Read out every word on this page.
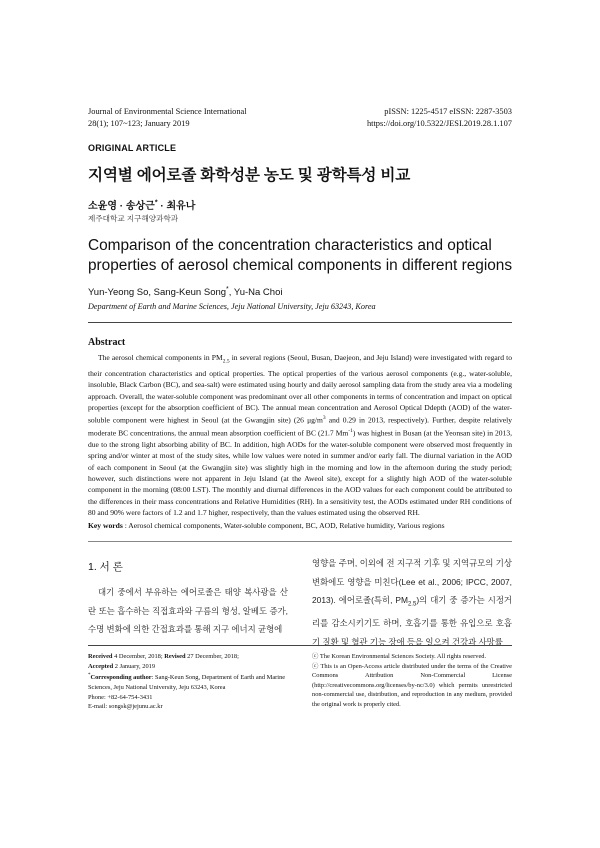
Journal of Environmental Science International
28(1); 107~123; January 2019
pISSN: 1225-4517 eISSN: 2287-3503
https://doi.org/10.5322/JESI.2019.28.1.107
ORIGINAL ARTICLE
지역별 에어로졸 화학성분 농도 및 광학특성 비교
소윤영 · 송상근* · 최유나
제주대학교 지구해양과학과
Comparison of the concentration characteristics and optical properties of aerosol chemical components in different regions
Yun-Yeong So, Sang-Keun Song*, Yu-Na Choi
Department of Earth and Marine Sciences, Jeju National University, Jeju 63243, Korea
Abstract
The aerosol chemical components in $PM_{2.5}$ in several regions (Seoul, Busan, Daejeon, and Jeju Island) were investigated with regard to their concentration characteristics and optical properties. The optical properties of the various aerosol components (e.g., water-soluble, insoluble, Black Carbon (BC), and sea-salt) were estimated using hourly and daily aerosol sampling data from the study area via a modeling approach. Overall, the water-soluble component was predominant over all other components in terms of concentration and impact on optical properties (except for the absorption coefficient of BC). The annual mean concentration and Aerosol Optical Ddepth (AOD) of the water-soluble component were highest in Seoul (at the Gwangjin site) (26 $\mu g/m^3$ and 0.29 in 2013, respectively). Further, despite relatively moderate BC concentrations, the annual mean absorption coefficient of BC (21.7 $Mm^{-1}$) was highest in Busan (at the Yeonsan site) in 2013, due to the strong light absorbing ability of BC. In addition, high AODs for the water-soluble component were observed most frequently in spring and/or winter at most of the study sites, while low values were noted in summer and/or early fall. The diurnal variation in the AOD of each component in Seoul (at the Gwangjin site) was slightly high in the morning and low in the afternoon during the study period; however, such distinctions were not apparent in Jeju Island (at the Aweol site), except for a slightly high AOD of the water-soluble component in the morning (08:00 LST). The monthly and diurnal differences in the AOD values for each component could be attributed to the differences in their mass concentrations and Relative Humidities (RH). In a sensitivity test, the AODs estimated under RH conditions of 80 and 90% were factors of 1.2 and 1.7 higher, respectively, than the values estimated using the observed RH.
Key words : Aerosol chemical components, Water-soluble component, BC, AOD, Relative humidity, Various regions
1. 서 론
대기 중에서 부유하는 에어로졸은 태양 복사광을 산란 또는 흡수하는 직접효과와 구름의 형성, 알베도 증가, 수명 변화에 의한 간접효과를 통해 지구 에너지 균형에
영향을 주며, 이외에 전 지구적 기후 및 지역규모의 기상 변화에도 영향을 미친다(Lee et al., 2006; IPCC, 2007, 2013). 에어로졸(특히, $PM_{2.5}$)의 대기 중 증가는 시정거리를 감소시키기도 하며, 호흡기를 통한 유입으로 호흡기 질환 및 혈관 기능 장애 등을 일으켜 건강과 사망률
Received 4 December, 2018; Revised 27 December, 2018;
Accepted 2 January, 2019
*Corresponding author: Sang-Keun Song, Department of Earth and Marine Sciences, Jeju National University, Jeju 63243, Korea
Phone: +82-64-754-3431
E-mail: songsk@jejunu.ac.kr
ⓒ The Korean Environmental Sciences Society. All rights reserved.
ⓒ This is an Open-Access article distributed under the terms of the Creative Commons Attribution Non-Commercial License (http://creativecommons.org/licenses/by-nc/3.0) which permits unrestricted non-commercial use, distribution, and reproduction in any medium, provided the original work is properly cited.
